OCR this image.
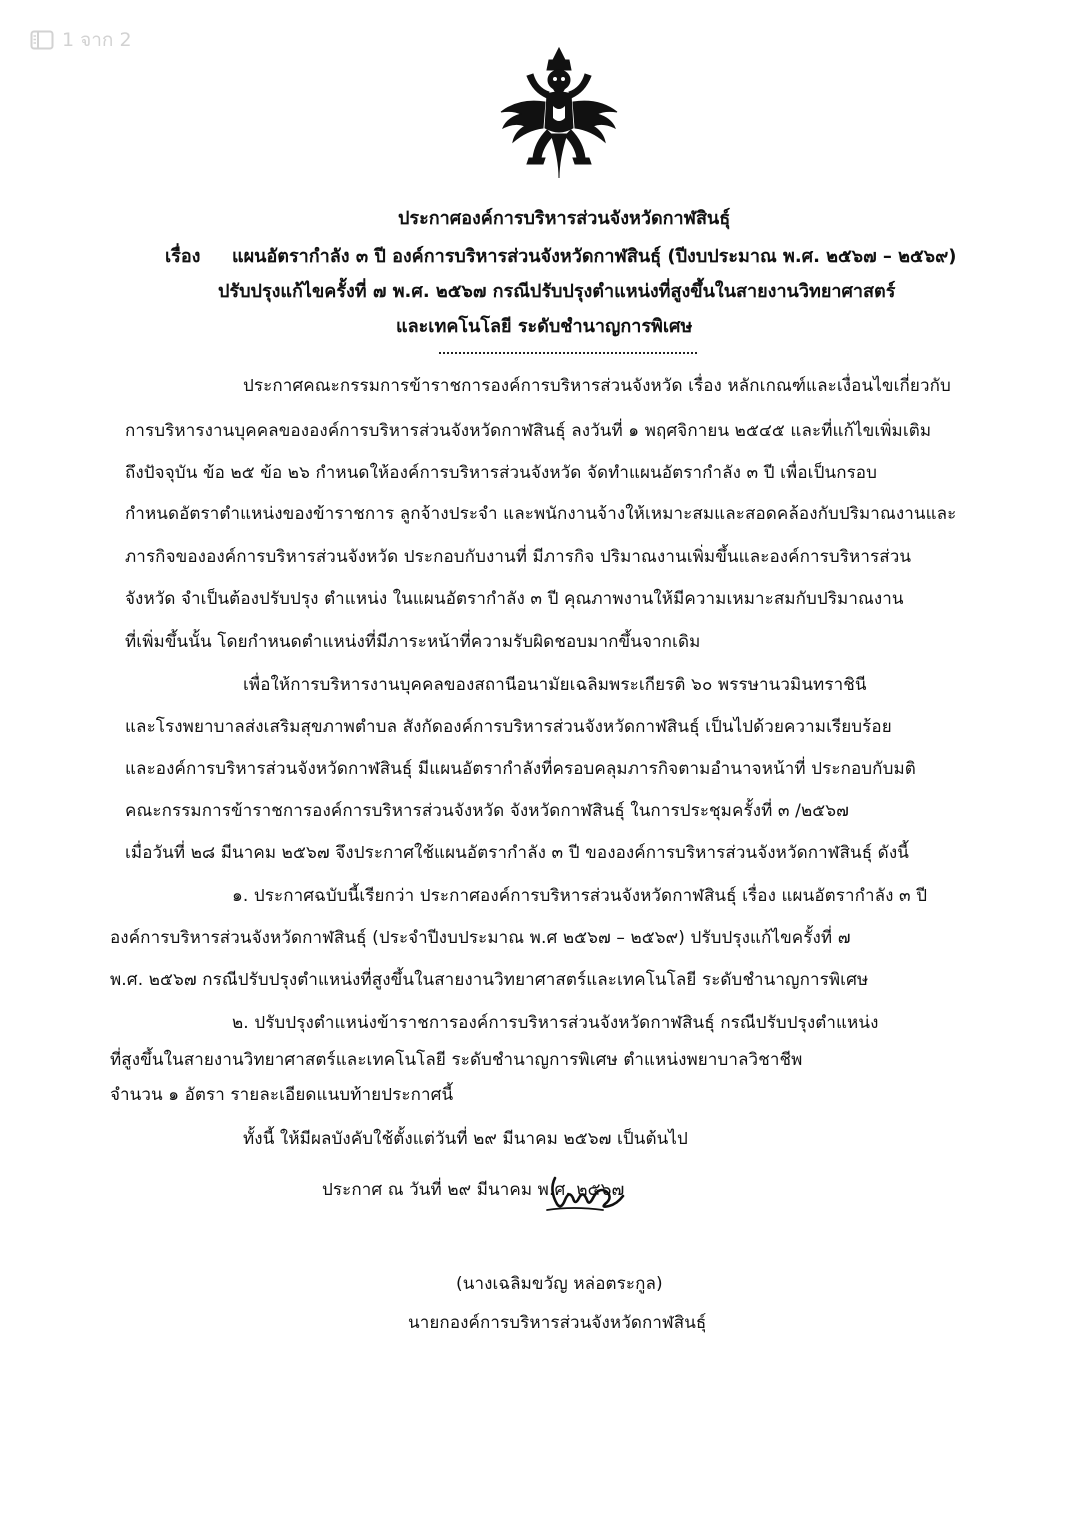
1 จาก 2
ประกาศองค์การบริหารส่วนจังหวัดกาฬสินธุ์
เรื่อง แผนอัตรากำลัง ๓ ปี องค์การบริหารส่วนจังหวัดกาฬสินธุ์ (ปีงบประมาณ พ.ศ. ๒๕๖๗ – ๒๕๖๙)
ปรับปรุงแก้ไขครั้งที่ ๗ พ.ศ. ๒๕๖๗ กรณีปรับปรุงตำแหน่งที่สูงขึ้นในสายงานวิทยาศาสตร์
และเทคโนโลยี ระดับชำนาญการพิเศษ
ประกาศคณะกรรมการข้าราชการองค์การบริหารส่วนจังหวัด เรื่อง หลักเกณฑ์และเงื่อนไขเกี่ยวกับ
การบริหารงานบุคคลขององค์การบริหารส่วนจังหวัดกาฬสินธุ์ ลงวันที่ ๑ พฤศจิกายน ๒๕๔๕ และที่แก้ไขเพิ่มเติม
ถึงปัจจุบัน ข้อ ๒๕ ข้อ ๒๖ กำหนดให้องค์การบริหารส่วนจังหวัด จัดทำแผนอัตรากำลัง ๓ ปี เพื่อเป็นกรอบ
กำหนดอัตราตำแหน่งของข้าราชการ ลูกจ้างประจำ และพนักงานจ้างให้เหมาะสมและสอดคล้องกับปริมาณงานและ
ภารกิจขององค์การบริหารส่วนจังหวัด ประกอบกับงานที่ มีภารกิจ ปริมาณงานเพิ่มขึ้นและองค์การบริหารส่วน
จังหวัด จำเป็นต้องปรับปรุง ตำแหน่ง ในแผนอัตรากำลัง ๓ ปี คุณภาพงานให้มีความเหมาะสมกับปริมาณงาน
ที่เพิ่มขึ้นนั้น โดยกำหนดตำแหน่งที่มีภาระหน้าที่ความรับผิดชอบมากขึ้นจากเดิม
เพื่อให้การบริหารงานบุคคลของสถานีอนามัยเฉลิมพระเกียรติ ๖๐ พรรษานวมินทราชินี
และโรงพยาบาลส่งเสริมสุขภาพตำบล สังกัดองค์การบริหารส่วนจังหวัดกาฬสินธุ์ เป็นไปด้วยความเรียบร้อย
และองค์การบริหารส่วนจังหวัดกาฬสินธุ์ มีแผนอัตรากำลังที่ครอบคลุมภารกิจตามอำนาจหน้าที่ ประกอบกับมติ
คณะกรรมการข้าราชการองค์การบริหารส่วนจังหวัด จังหวัดกาฬสินธุ์ ในการประชุมครั้งที่ ๓ /๒๕๖๗
เมื่อวันที่ ๒๘ มีนาคม ๒๕๖๗ จึงประกาศใช้แผนอัตรากำลัง ๓ ปี ขององค์การบริหารส่วนจังหวัดกาฬสินธุ์ ดังนี้
๑. ประกาศฉบับนี้เรียกว่า ประกาศองค์การบริหารส่วนจังหวัดกาฬสินธุ์ เรื่อง แผนอัตรากำลัง ๓ ปี
องค์การบริหารส่วนจังหวัดกาฬสินธุ์ (ประจำปีงบประมาณ พ.ศ ๒๕๖๗ – ๒๕๖๙) ปรับปรุงแก้ไขครั้งที่ ๗
พ.ศ. ๒๕๖๗ กรณีปรับปรุงตำแหน่งที่สูงขึ้นในสายงานวิทยาศาสตร์และเทคโนโลยี ระดับชำนาญการพิเศษ
๒. ปรับปรุงตำแหน่งข้าราชการองค์การบริหารส่วนจังหวัดกาฬสินธุ์ กรณีปรับปรุงตำแหน่ง
ที่สูงขึ้นในสายงานวิทยาศาสตร์และเทคโนโลยี ระดับชำนาญการพิเศษ ตำแหน่งพยาบาลวิชาชีพ
จำนวน ๑ อัตรา รายละเอียดแนบท้ายประกาศนี้
ทั้งนี้ ให้มีผลบังคับใช้ตั้งแต่วันที่ ๒๙ มีนาคม ๒๕๖๗ เป็นต้นไป
ประกาศ ณ วันที่ ๒๙ มีนาคม พ.ศ. ๒๕๖๗
(นางเฉลิมขวัญ หล่อตระกูล)
นายกองค์การบริหารส่วนจังหวัดกาฬสินธุ์
